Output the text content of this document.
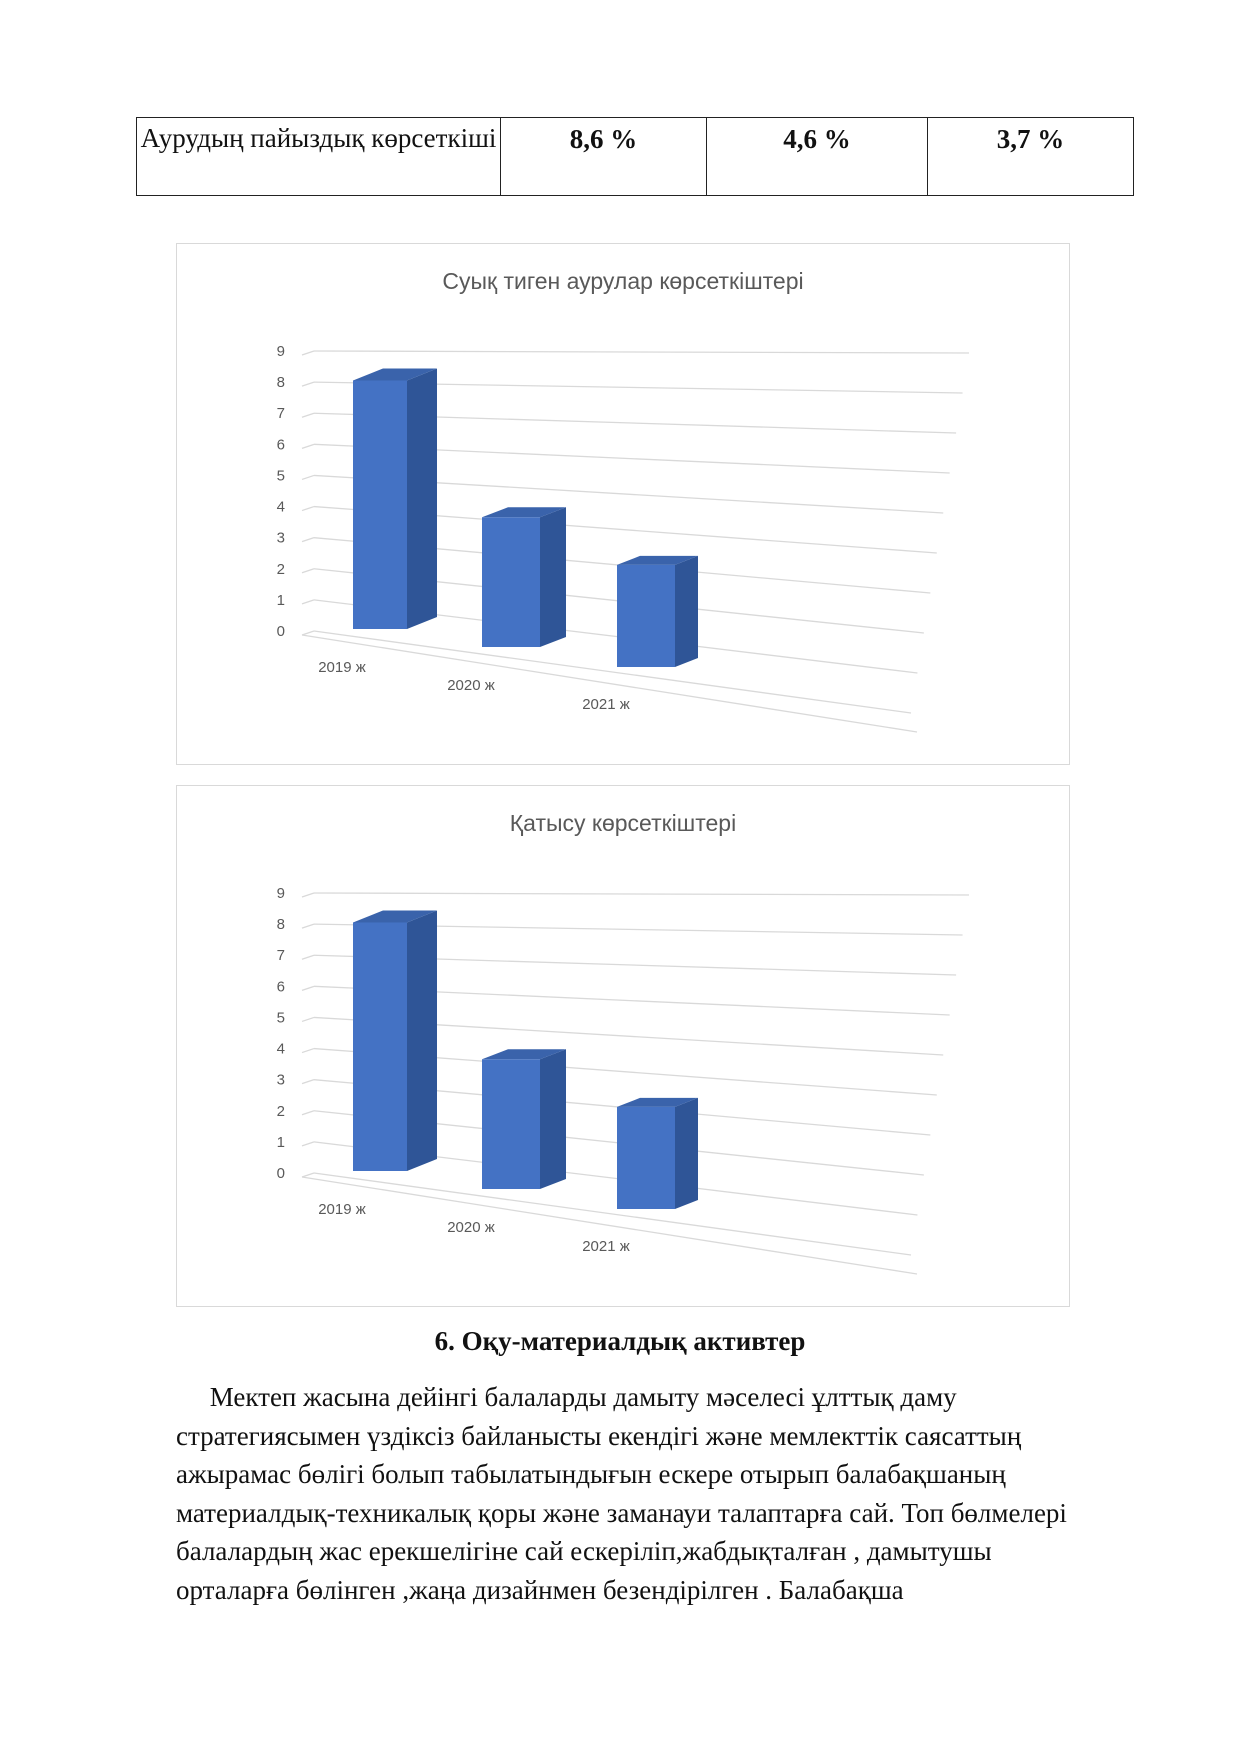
Аурудың пайыздық көрсеткіші	8,6 %	4,6 %	3,7 %
Суық тиген аурулар көрсеткіштері
0
1
2
3
4
5
6
7
8
9
2019 ж
2020 ж
2021 ж
Қатысу көрсеткіштері
0
1
2
3
4
5
6
7
8
9
2019 ж
2020 ж
2021 ж
6. Оқу-материалдық активтер
Мектеп жасына дейінгі балаларды дамыту мәселесі ұлттық даму
стратегиясымен үздіксіз байланысты екендігі және мемлекттік саясаттың
ажырамас бөлігі болып табылатындығын ескере отырып балабақшаның
материалдық-техникалық қоры және заманауи талаптарға сай. Топ бөлмелері
балалардың жас ерекшелігіне сай ескеріліп,жабдықталған , дамытушы
орталарға бөлінген ,жаңа дизайнмен безендірілген . Балабақша
